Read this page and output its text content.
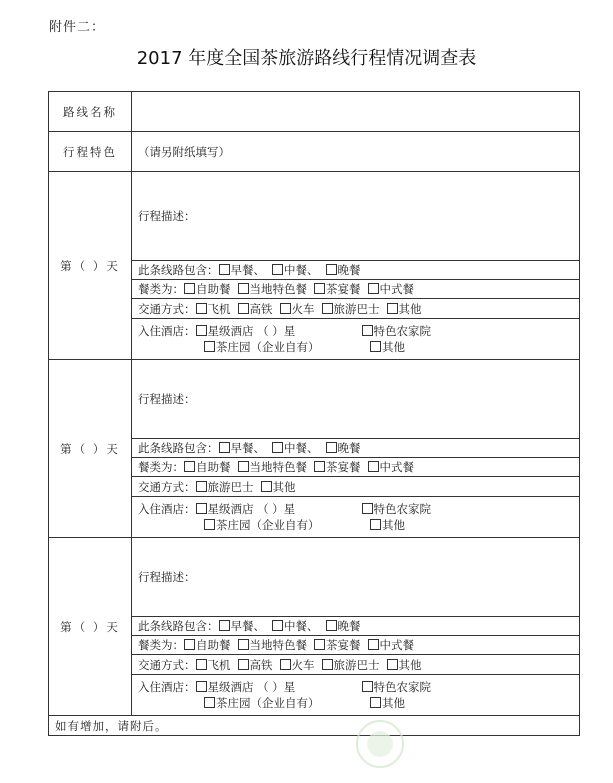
附件二：
2017 年度全国茶旅游路线行程情况调查表
路线名称	
行程特色	（请另附纸填写）
第（ ）天	行程描述：
	此条线路包含： 早餐、 中餐、 晚餐
	餐类为： 自助餐 当地特色餐 茶宴餐 中式餐
	交通方式： 飞机 高铁 火车 旅游巴士 其他

	入住酒店： 星级酒店 （ ）星 特色农家院
茶庄园（企业自有） 其他

第（ ）天	行程描述：
	此条线路包含： 早餐、 中餐、 晚餐
	餐类为： 自助餐 当地特色餐 茶宴餐 中式餐
	交通方式： 旅游巴士 其他

	入住酒店： 星级酒店 （ ）星 特色农家院
茶庄园（企业自有） 其他

第（ ）天	行程描述：
	此条线路包含： 早餐、 中餐、 晚餐
	餐类为： 自助餐 当地特色餐 茶宴餐 中式餐
	交通方式： 飞机 高铁 火车 旅游巴士 其他

	入住酒店： 星级酒店 （ ）星 特色农家院
茶庄园（企业自有） 其他

如有增加，请附后。	
